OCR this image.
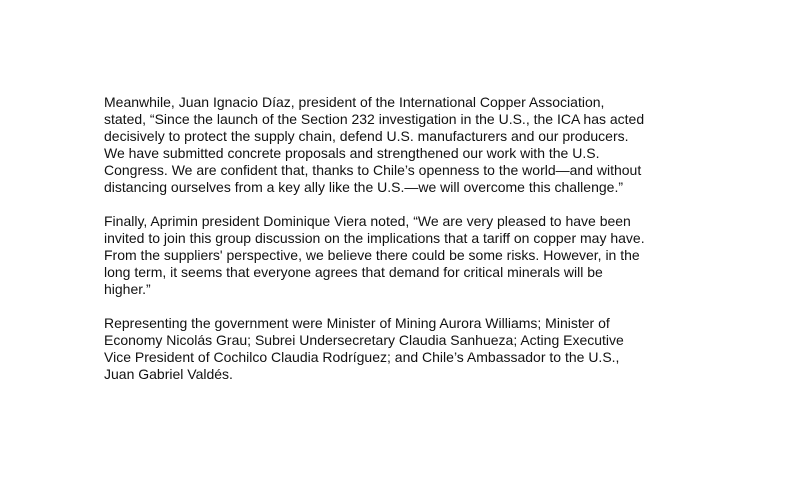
Meanwhile, Juan Ignacio Díaz, president of the International Copper Association,
stated, “Since the launch of the Section 232 investigation in the U.S., the ICA has acted
decisively to protect the supply chain, defend U.S. manufacturers and our producers.
We have submitted concrete proposals and strengthened our work with the U.S.
Congress. We are confident that, thanks to Chile’s openness to the world—and without
distancing ourselves from a key ally like the U.S.—we will overcome this challenge.”

Finally, Aprimin president Dominique Viera noted, “We are very pleased to have been
invited to join this group discussion on the implications that a tariff on copper may have.
From the suppliers' perspective, we believe there could be some risks. However, in the
long term, it seems that everyone agrees that demand for critical minerals will be
higher.”

Representing the government were Minister of Mining Aurora Williams; Minister of
Economy Nicolás Grau; Subrei Undersecretary Claudia Sanhueza; Acting Executive
Vice President of Cochilco Claudia Rodríguez; and Chile’s Ambassador to the U.S.,
Juan Gabriel Valdés.
